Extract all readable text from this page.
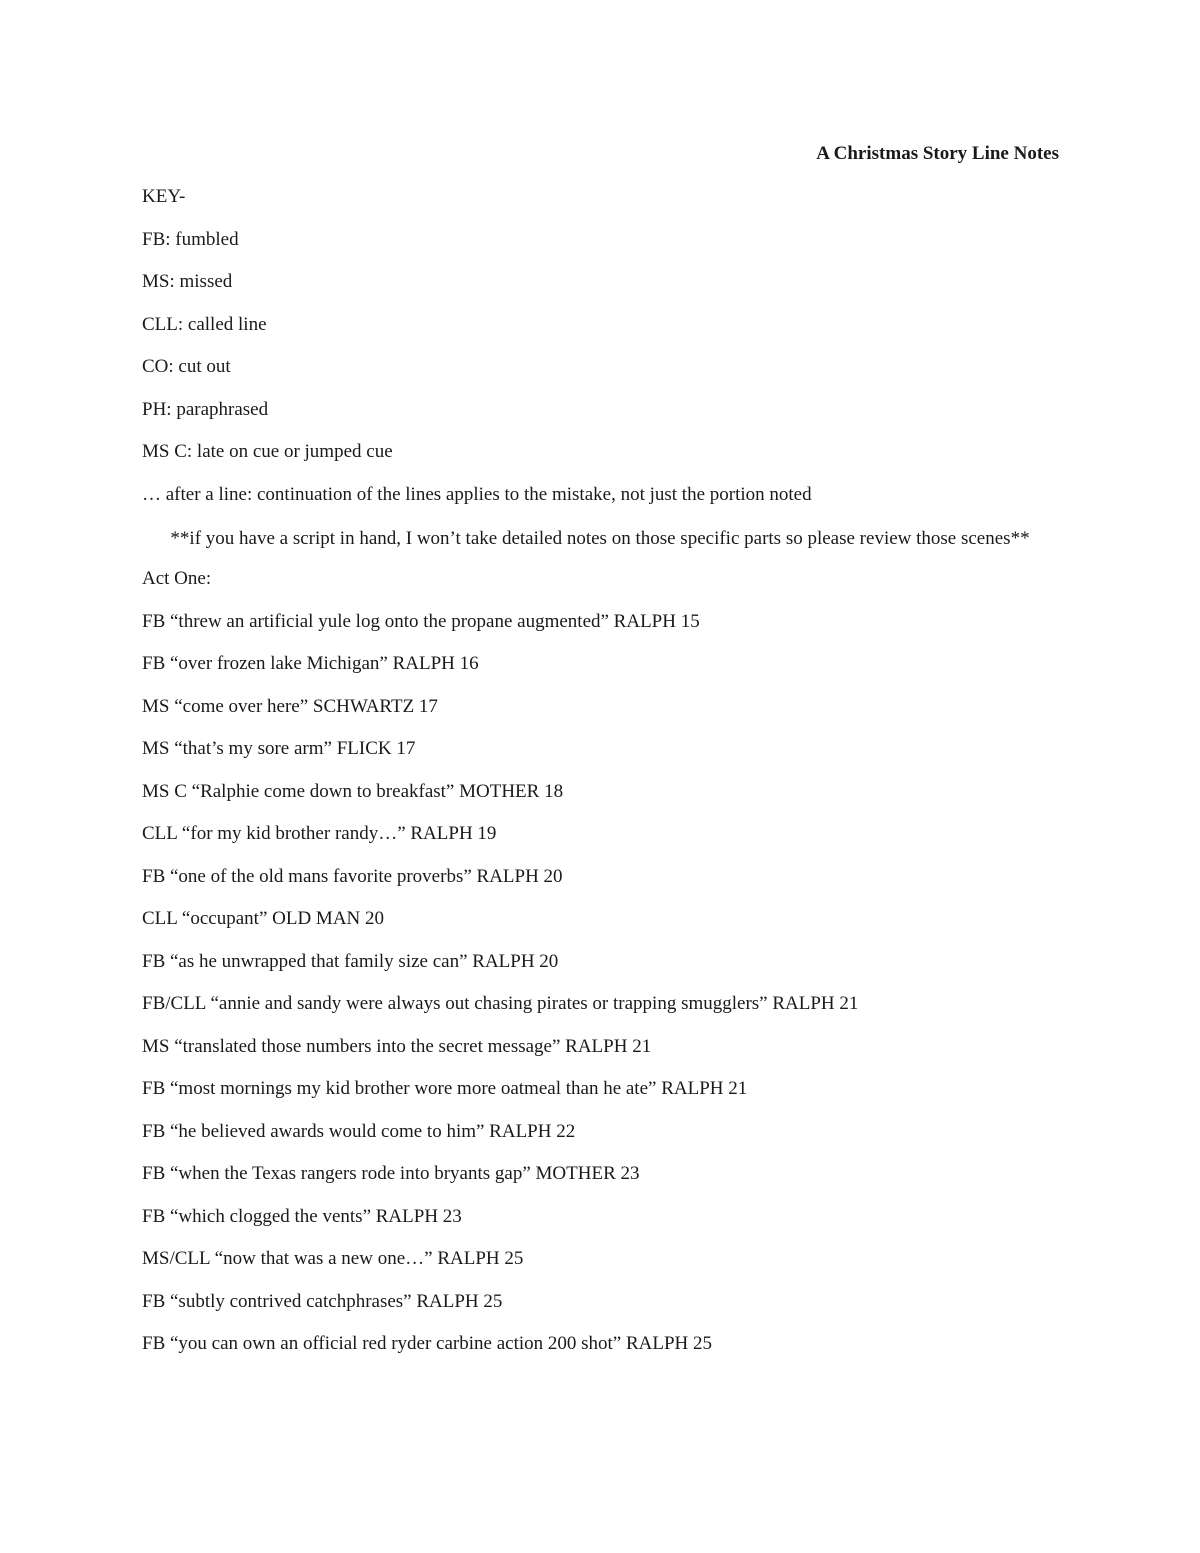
A Christmas Story Line Notes
KEY-
FB: fumbled
MS: missed
CLL: called line
CO: cut out
PH: paraphrased
MS C: late on cue or jumped cue
… after a line: continuation of the lines applies to the mistake, not just the portion noted
**if you have a script in hand, I won’t take detailed notes on those specific parts so please review those scenes**
Act One:
FB “threw an artificial yule log onto the propane augmented” RALPH 15
FB “over frozen lake Michigan” RALPH 16
MS “come over here” SCHWARTZ 17
MS “that’s my sore arm” FLICK 17
MS C “Ralphie come down to breakfast” MOTHER 18
CLL “for my kid brother randy…” RALPH 19
FB “one of the old mans favorite proverbs” RALPH 20
CLL “occupant” OLD MAN 20
FB “as he unwrapped that family size can” RALPH 20
FB/CLL “annie and sandy were always out chasing pirates or trapping smugglers” RALPH 21
MS “translated those numbers into the secret message” RALPH 21
FB “most mornings my kid brother wore more oatmeal than he ate” RALPH 21
FB “he believed awards would come to him” RALPH 22
FB “when the Texas rangers rode into bryants gap” MOTHER 23
FB “which clogged the vents” RALPH 23
MS/CLL “now that was a new one…” RALPH 25
FB “subtly contrived catchphrases” RALPH 25
FB “you can own an official red ryder carbine action 200 shot” RALPH 25
